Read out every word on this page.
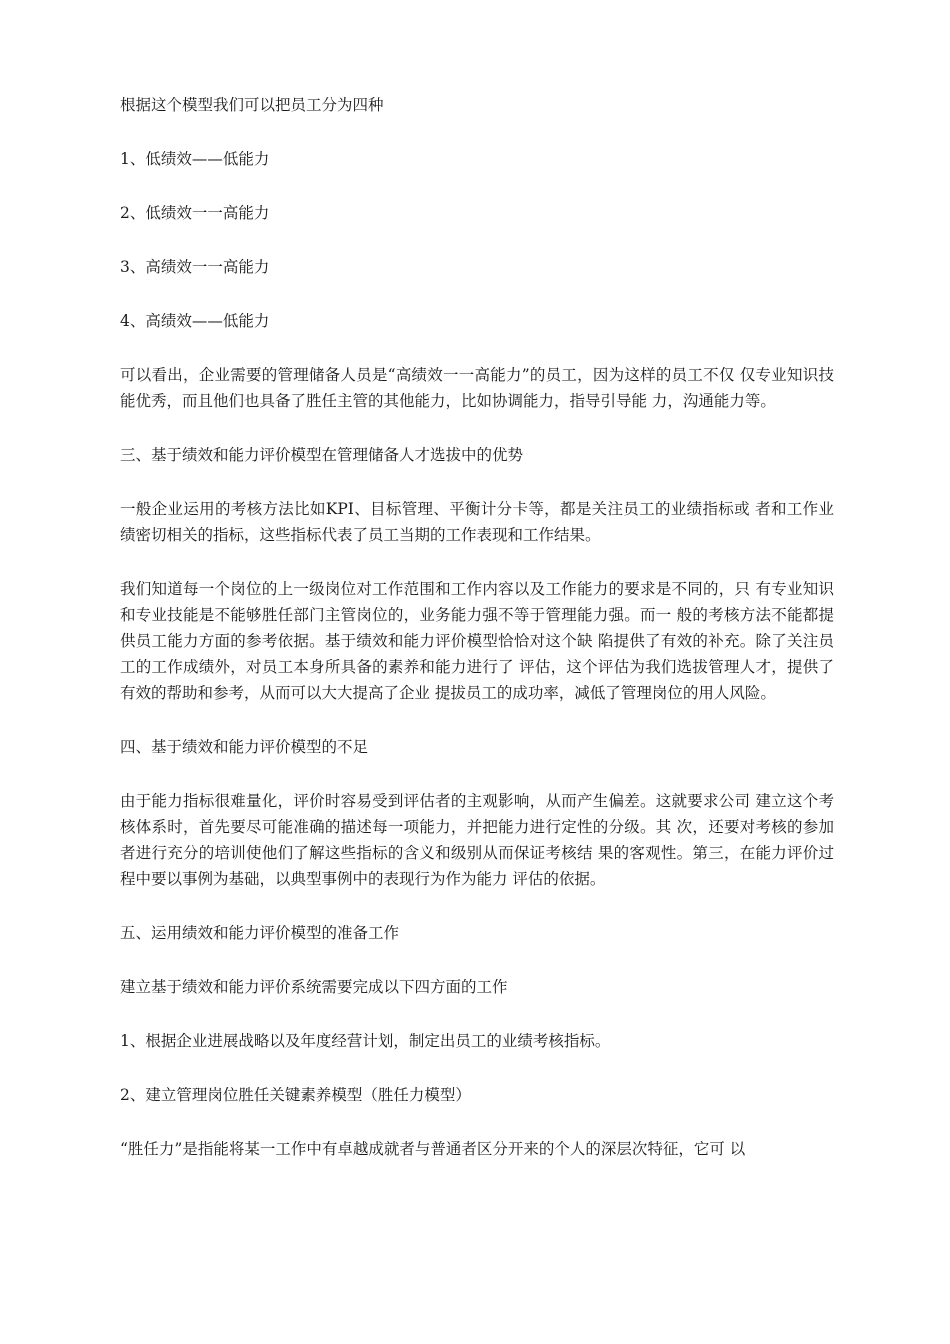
根据这个模型我们可以把员工分为四种

1、低绩效——低能力

2、低绩效一一高能力

3、高绩效一一高能力

4、高绩效——低能力

可以看出，企业需要的管理储备人员是“高绩效一一高能力”的员工，因为这样的员工不仅 仅专业知识技能优秀，而且他们也具备了胜任主管的其他能力，比如协调能力，指导引导能 力，沟通能力等。

三、基于绩效和能力评价模型在管理储备人才选拔中的优势

一般企业运用的考核方法比如KPI、目标管理、平衡计分卡等，都是关注员工的业绩指标或 者和工作业绩密切相关的指标，这些指标代表了员工当期的工作表现和工作结果。

我们知道每一个岗位的上一级岗位对工作范围和工作内容以及工作能力的要求是不同的，只 有专业知识和专业技能是不能够胜任部门主管岗位的，业务能力强不等于管理能力强。而一 般的考核方法不能都提供员工能力方面的参考依据。基于绩效和能力评价模型恰恰对这个缺 陷提供了有效的补充。除了关注员工的工作成绩外，对员工本身所具备的素养和能力进行了 评估，这个评估为我们选拔管理人才，提供了有效的帮助和参考，从而可以大大提高了企业 提拔员工的成功率，减低了管理岗位的用人风险。

四、基于绩效和能力评价模型的不足

由于能力指标很难量化，评价时容易受到评估者的主观影响，从而产生偏差。这就要求公司 建立这个考核体系时，首先要尽可能准确的描述每一项能力，并把能力进行定性的分级。其 次，还要对考核的参加者进行充分的培训使他们了解这些指标的含义和级别从而保证考核结 果的客观性。第三，在能力评价过程中要以事例为基础，以典型事例中的表现行为作为能力 评估的依据。

五、运用绩效和能力评价模型的准备工作

建立基于绩效和能力评价系统需要完成以下四方面的工作

1、根据企业进展战略以及年度经营计划，制定出员工的业绩考核指标。

2、建立管理岗位胜任关键素养模型（胜任力模型）

“胜任力”是指能将某一工作中有卓越成就者与普通者区分开来的个人的深层次特征，它可 以
